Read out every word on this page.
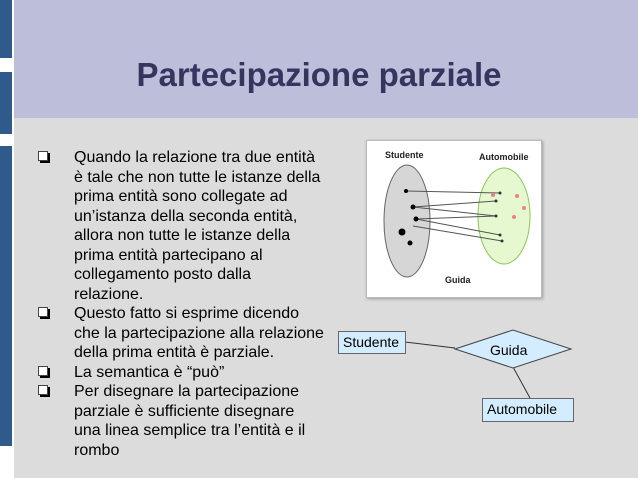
Partecipazione parziale
Quando la relazione tra due entità è tale che non tutte le istanze della prima entità sono collegate ad un’istanza della seconda entità, allora non tutte le istanze della prima entità partecipano al collegamento posto dalla relazione.
Questo fatto si esprime dicendo che la partecipazione alla relazione della prima entità è parziale.
La semantica è “può”
Per disegnare la partecipazione parziale è sufficiente disegnare una linea semplice tra l’entità e il rombo
Studente	Automobile
Guida
Studente	Guida
Automobile
